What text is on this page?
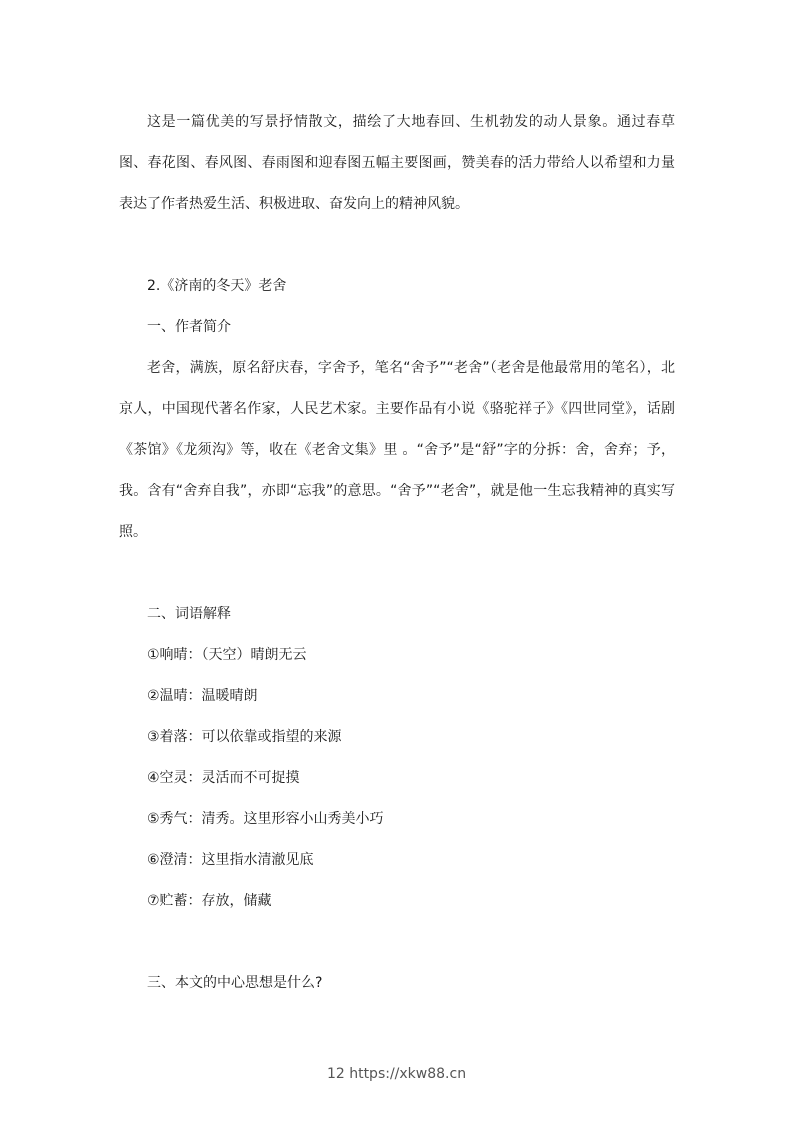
这是一篇优美的写景抒情散文，描绘了大地春回、生机勃发的动人景象。通过春草图、春花图、春风图、春雨图和迎春图五幅主要图画，赞美春的活力带给人以希望和力量表达了作者热爱生活、积极进取、奋发向上的精神风貌。

2.《济南的冬天》老舍

一、作者简介

老舍，满族，原名舒庆春，字舍予，笔名“舍予”“老舍”（老舍是他最常用的笔名），北京人，中国现代著名作家，人民艺术家。主要作品有小说《骆驼祥子》《四世同堂》，话剧《茶馆》《龙须沟》等，收在《老舍文集》里 。“舍予”是“舒”字的分拆：舍，舍弃；予，我。含有“舍弃自我”，亦即“忘我”的意思。“舍予”“老舍”，就是他一生忘我精神的真实写照。

二、词语解释

①响晴：（天空）晴朗无云

②温晴：温暖晴朗

③着落：可以依靠或指望的来源

④空灵：灵活而不可捉摸

⑤秀气：清秀。这里形容小山秀美小巧

⑥澄清：这里指水清澈见底

⑦贮蓄：存放，储藏

三、本文的中心思想是什么?

12 https://xkw88.cn
